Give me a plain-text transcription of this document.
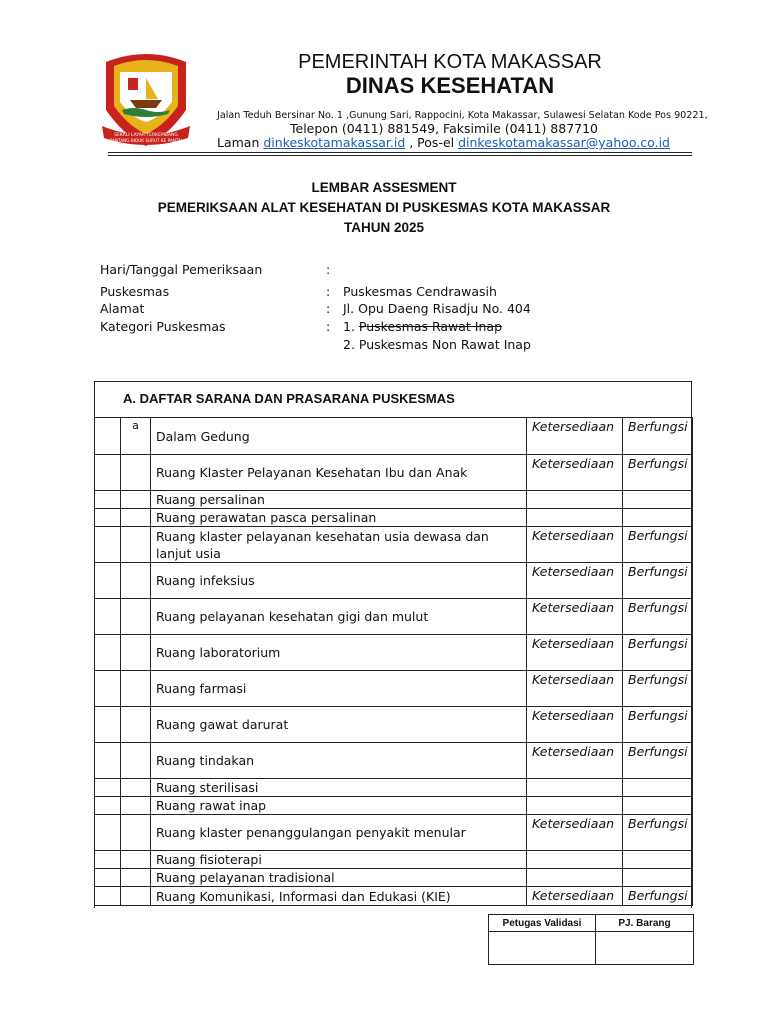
SEKALI LAYAR TERKEMBANG
PANTANG BIDUK SURUT KE PANTAI
PEMERINTAH KOTA MAKASSAR
DINAS KESEHATAN
Jalan Teduh Bersinar No. 1 ,Gunung Sari, Rappocini, Kota Makassar, Sulawesi Selatan Kode Pos 90221,
Telepon (0411) 881549, Faksimile (0411) 887710
Laman dinkeskotamakassar.id , Pos-el dinkeskotamakassar@yahoo.co.id
LEMBAR ASSESMENT
PEMERIKSAAN ALAT KESEHATAN DI PUSKESMAS KOTA MAKASSAR
TAHUN 2025
Hari/Tanggal Pemeriksaan	:
Puskesmas	: Puskesmas Cendrawasih
Alamat	: Jl. Opu Daeng Risadju No. 404
Kategori Puskesmas	: 1. Puskesmas Rawat Inap
2. Puskesmas Non Rawat Inap
A. DAFTAR SARANA DAN PRASARANA PUSKESMAS
	a	Dalam Gedung	Ketersediaan	Berfungsi
		Ruang Klaster Pelayanan Kesehatan Ibu dan Anak	Ketersediaan	Berfungsi
		Ruang persalinan		
		Ruang perawatan pasca persalinan		
		Ruang klaster pelayanan kesehatan usia dewasa dan lanjut usia	Ketersediaan	Berfungsi
		Ruang infeksius	Ketersediaan	Berfungsi
		Ruang pelayanan kesehatan gigi dan mulut	Ketersediaan	Berfungsi
		Ruang laboratorium	Ketersediaan	Berfungsi
		Ruang farmasi	Ketersediaan	Berfungsi
		Ruang gawat darurat	Ketersediaan	Berfungsi
		Ruang tindakan	Ketersediaan	Berfungsi
		Ruang sterilisasi		
		Ruang rawat inap		
		Ruang klaster penanggulangan penyakit menular	Ketersediaan	Berfungsi
		Ruang fisioterapi		
		Ruang pelayanan tradisional		
		Ruang Komunikasi, Informasi dan Edukasi (KIE)	Ketersediaan	Berfungsi
Petugas Validasi	PJ. Barang
